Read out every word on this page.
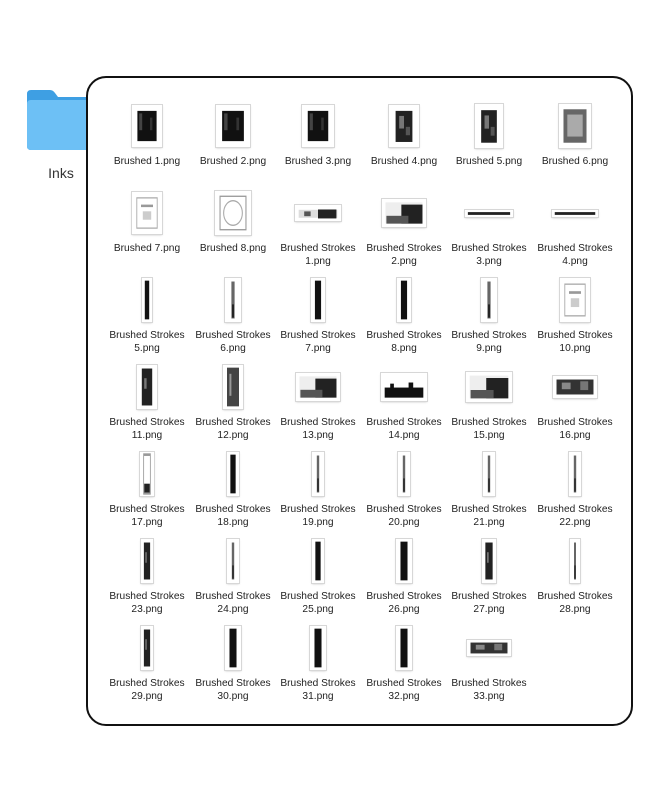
Inks
Brushed 1.png	Brushed 2.png	Brushed 3.png	Brushed 4.png	Brushed 5.png	Brushed 6.png
Brushed 7.png	Brushed 8.png	Brushed Strokes
1.png
Brushed Strokes
2.png
Brushed Strokes
3.png
Brushed Strokes
4.png
Brushed Strokes
5.png
Brushed Strokes
6.png
Brushed Strokes
7.png
Brushed Strokes
8.png
Brushed Strokes
9.png
Brushed Strokes
10.png
Brushed Strokes
11.png
Brushed Strokes
12.png
Brushed Strokes
13.png
Brushed Strokes
14.png
Brushed Strokes
15.png
Brushed Strokes
16.png
Brushed Strokes
17.png
Brushed Strokes
18.png
Brushed Strokes
19.png
Brushed Strokes
20.png
Brushed Strokes
21.png
Brushed Strokes
22.png
Brushed Strokes
23.png
Brushed Strokes
24.png
Brushed Strokes
25.png
Brushed Strokes
26.png
Brushed Strokes
27.png
Brushed Strokes
28.png
Brushed Strokes
29.png
Brushed Strokes
30.png
Brushed Strokes
31.png
Brushed Strokes
32.png
Brushed Strokes
33.png
